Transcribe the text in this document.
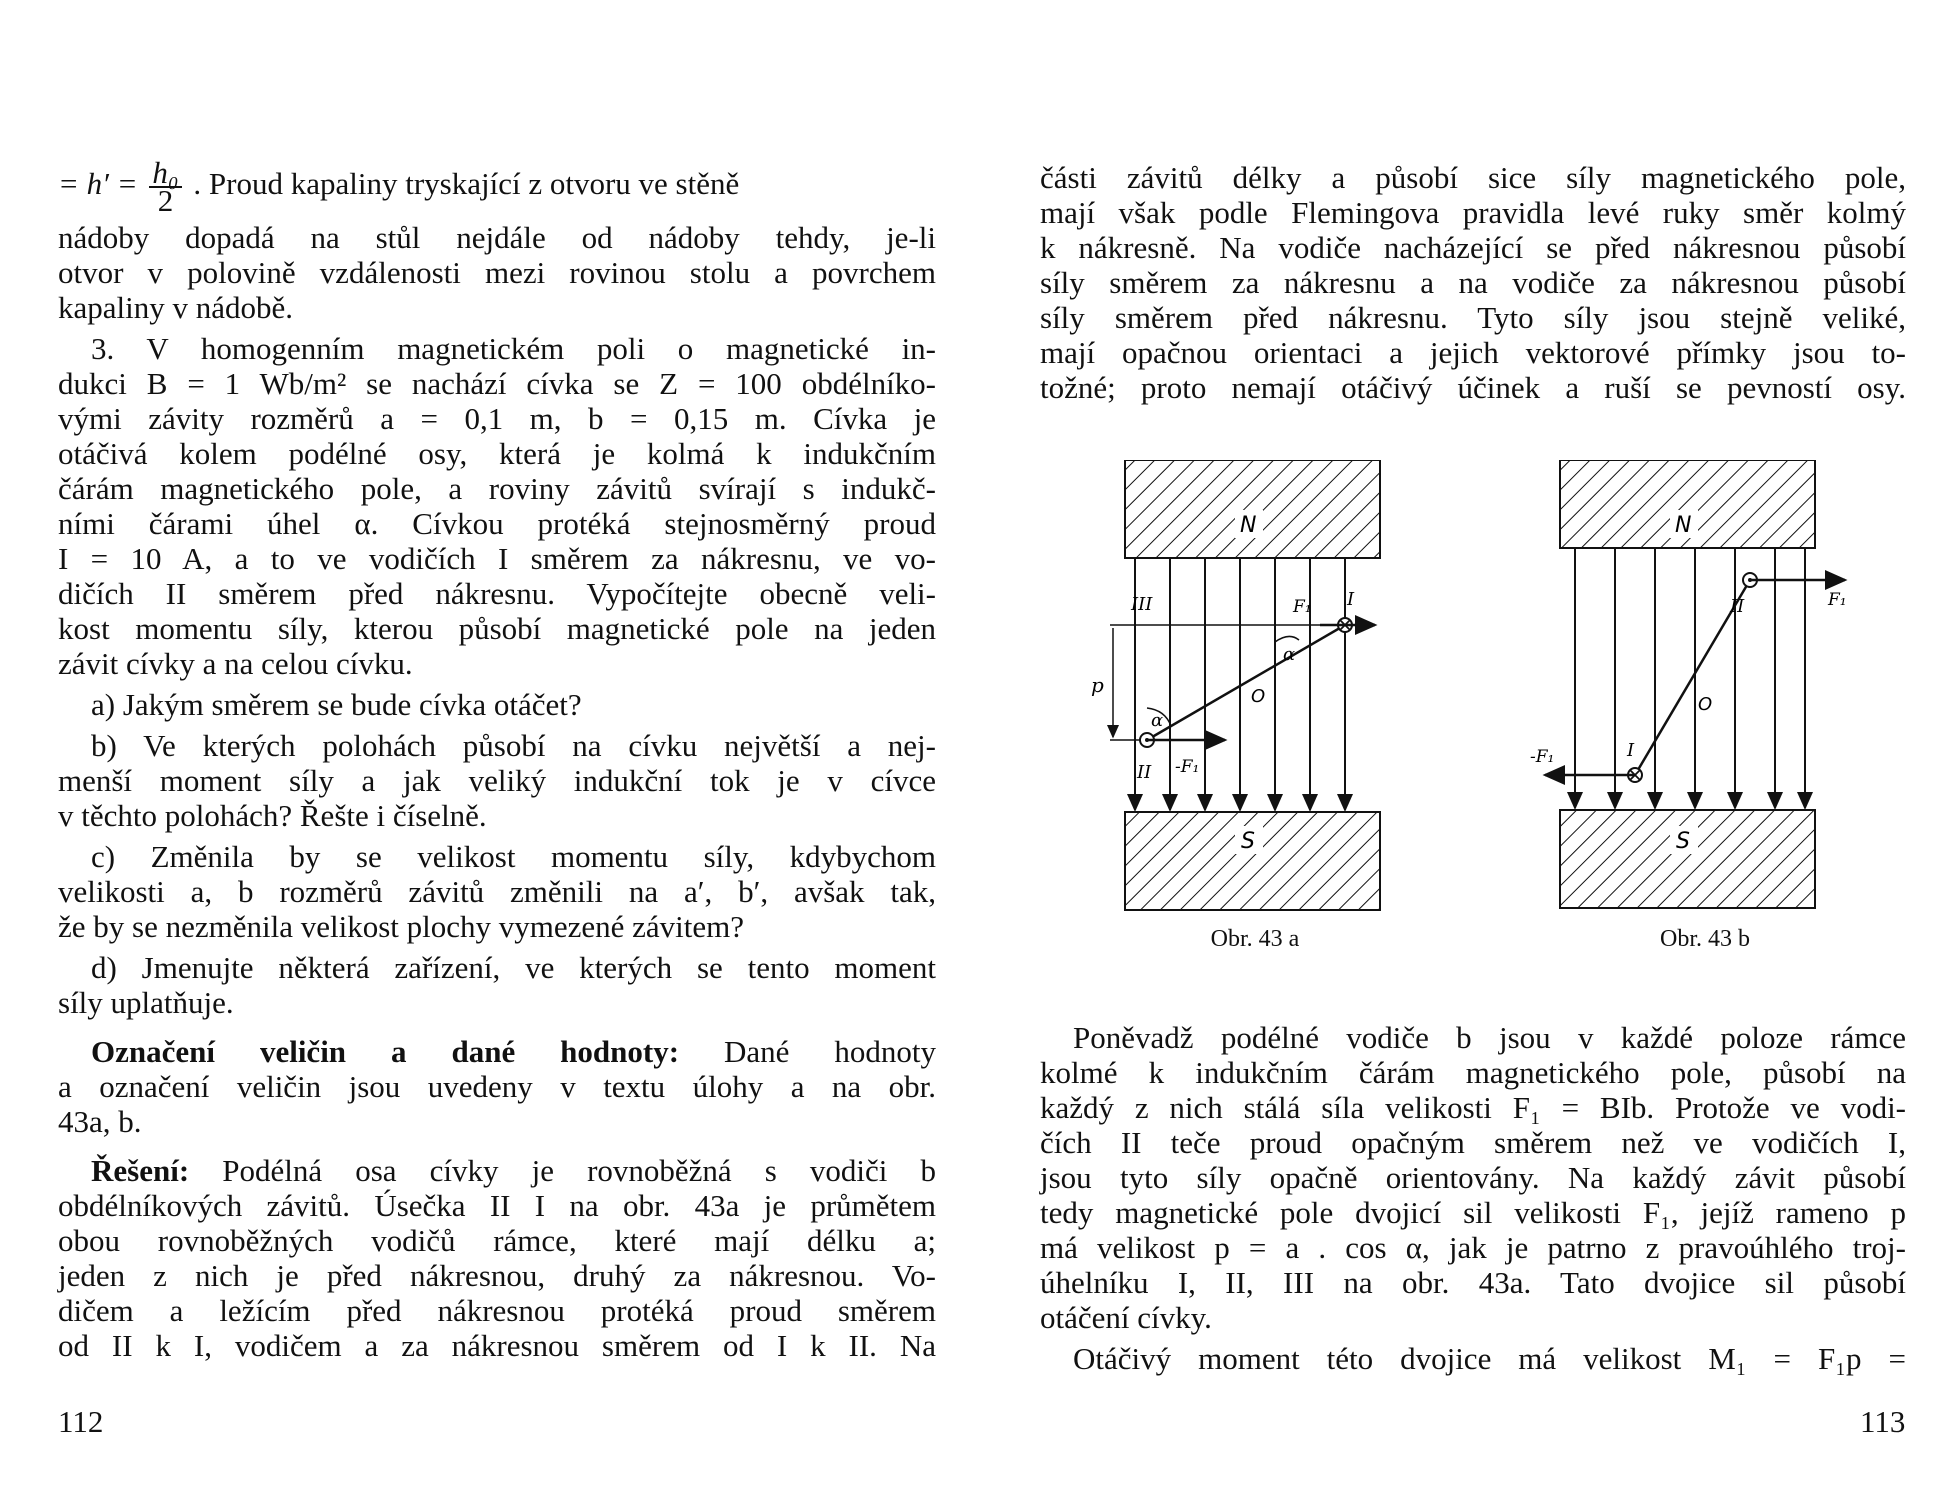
= $h' = \frac{\text{h₀}}{2}$ . Proud kapaliny tryskající z otvoru ve stěně

nádoby dopadá na stůl nejdále od nádoby tehdy, je-li
otvor v polovině vzdálenosti mezi rovinou stolu a povrchem
kapaliny v nádobě.
3. V homogenním magnetickém poli o magnetické in-
dukci B = 1 Wb/m² se nachází cívka se Z = 100 obdélníko-
vými závity rozměrů a = 0,1 m, b = 0,15 m. Cívka je
otáčivá kolem podélné osy, která je kolmá k indukčním
čárám magnetického pole, a roviny závitů svírají s indukč-
ními čárami úhel α. Cívkou protéká stejnosměrný proud
I = 10 A, a to ve vodičích I směrem za nákresnu, ve vo-
dičích II směrem před nákresnu. Vypočítejte obecně veli-
kost momentu síly, kterou působí magnetické pole na jeden
závit cívky a na celou cívku.
a) Jakým směrem se bude cívka otáčet?
b) Ve kterých polohách působí na cívku největší a nej-
menší moment síly a jak veliký indukční tok je v cívce
v těchto polohách? Řešte i číselně.
c) Změnila by se velikost momentu síly, kdybychom
velikosti a, b rozměrů závitů změnili na a′, b′, avšak tak,
že by se nezměnila velikost plochy vymezené závitem?
d) Jmenujte některá zařízení, ve kterých se tento moment
síly uplatňuje.
Označení veličin a dané hodnoty: Dané hodnoty
a označení veličin jsou uvedeny v textu úlohy a na obr.
43a, b.
Řešení: Podélná osa cívky je rovnoběžná s vodiči b
obdélníkových závitů. Úsečka II I na obr. 43a je průmětem
obou rovnoběžných vodičů rámce, které mají délku a;
jeden z nich je před nákresnou, druhý za nákresnou. Vo-
dičem a ležícím před nákresnou protéká proud směrem
od II k I, vodičem a za nákresnou směrem od I k II. Na
112
části závitů délky a působí sice síly magnetického pole,
mají však podle Flemingova pravidla levé ruky směr kolmý
k nákresně. Na vodiče nacházející se před nákresnou působí
síly směrem za nákresnu a na vodiče za nákresnou působí
síly směrem před nákresnu. Tyto síly jsou stejně veliké,
mají opačnou orientaci a jejich vektorové přímky jsou to-
tožné; proto nemají otáčivý účinek a ruší se pevností osy.
N
S
p
III	I
II
O
α
α
F₁
-F₁
Obr. 43 a
N
S
II
I
O
F₁
-F₁
Obr. 43 b
Poněvadž podélné vodiče b jsou v každé poloze rámce
kolmé k indukčním čárám magnetického pole, působí na
každý z nich stálá síla velikosti F₁ = BIb. Protože ve vodi-
čích II teče proud opačným směrem než ve vodičích I,
jsou tyto síly opačně orientovány. Na každý závit působí
tedy magnetické pole dvojicí sil velikosti F₁, jejíž rameno p
má velikost p = a . cos α, jak je patrno z pravoúhlého troj-
úhelníku I, II, III na obr. 43a. Tato dvojice sil působí
otáčení cívky.
Otáčivý moment této dvojice má velikost M₁ = F₁p =
113
